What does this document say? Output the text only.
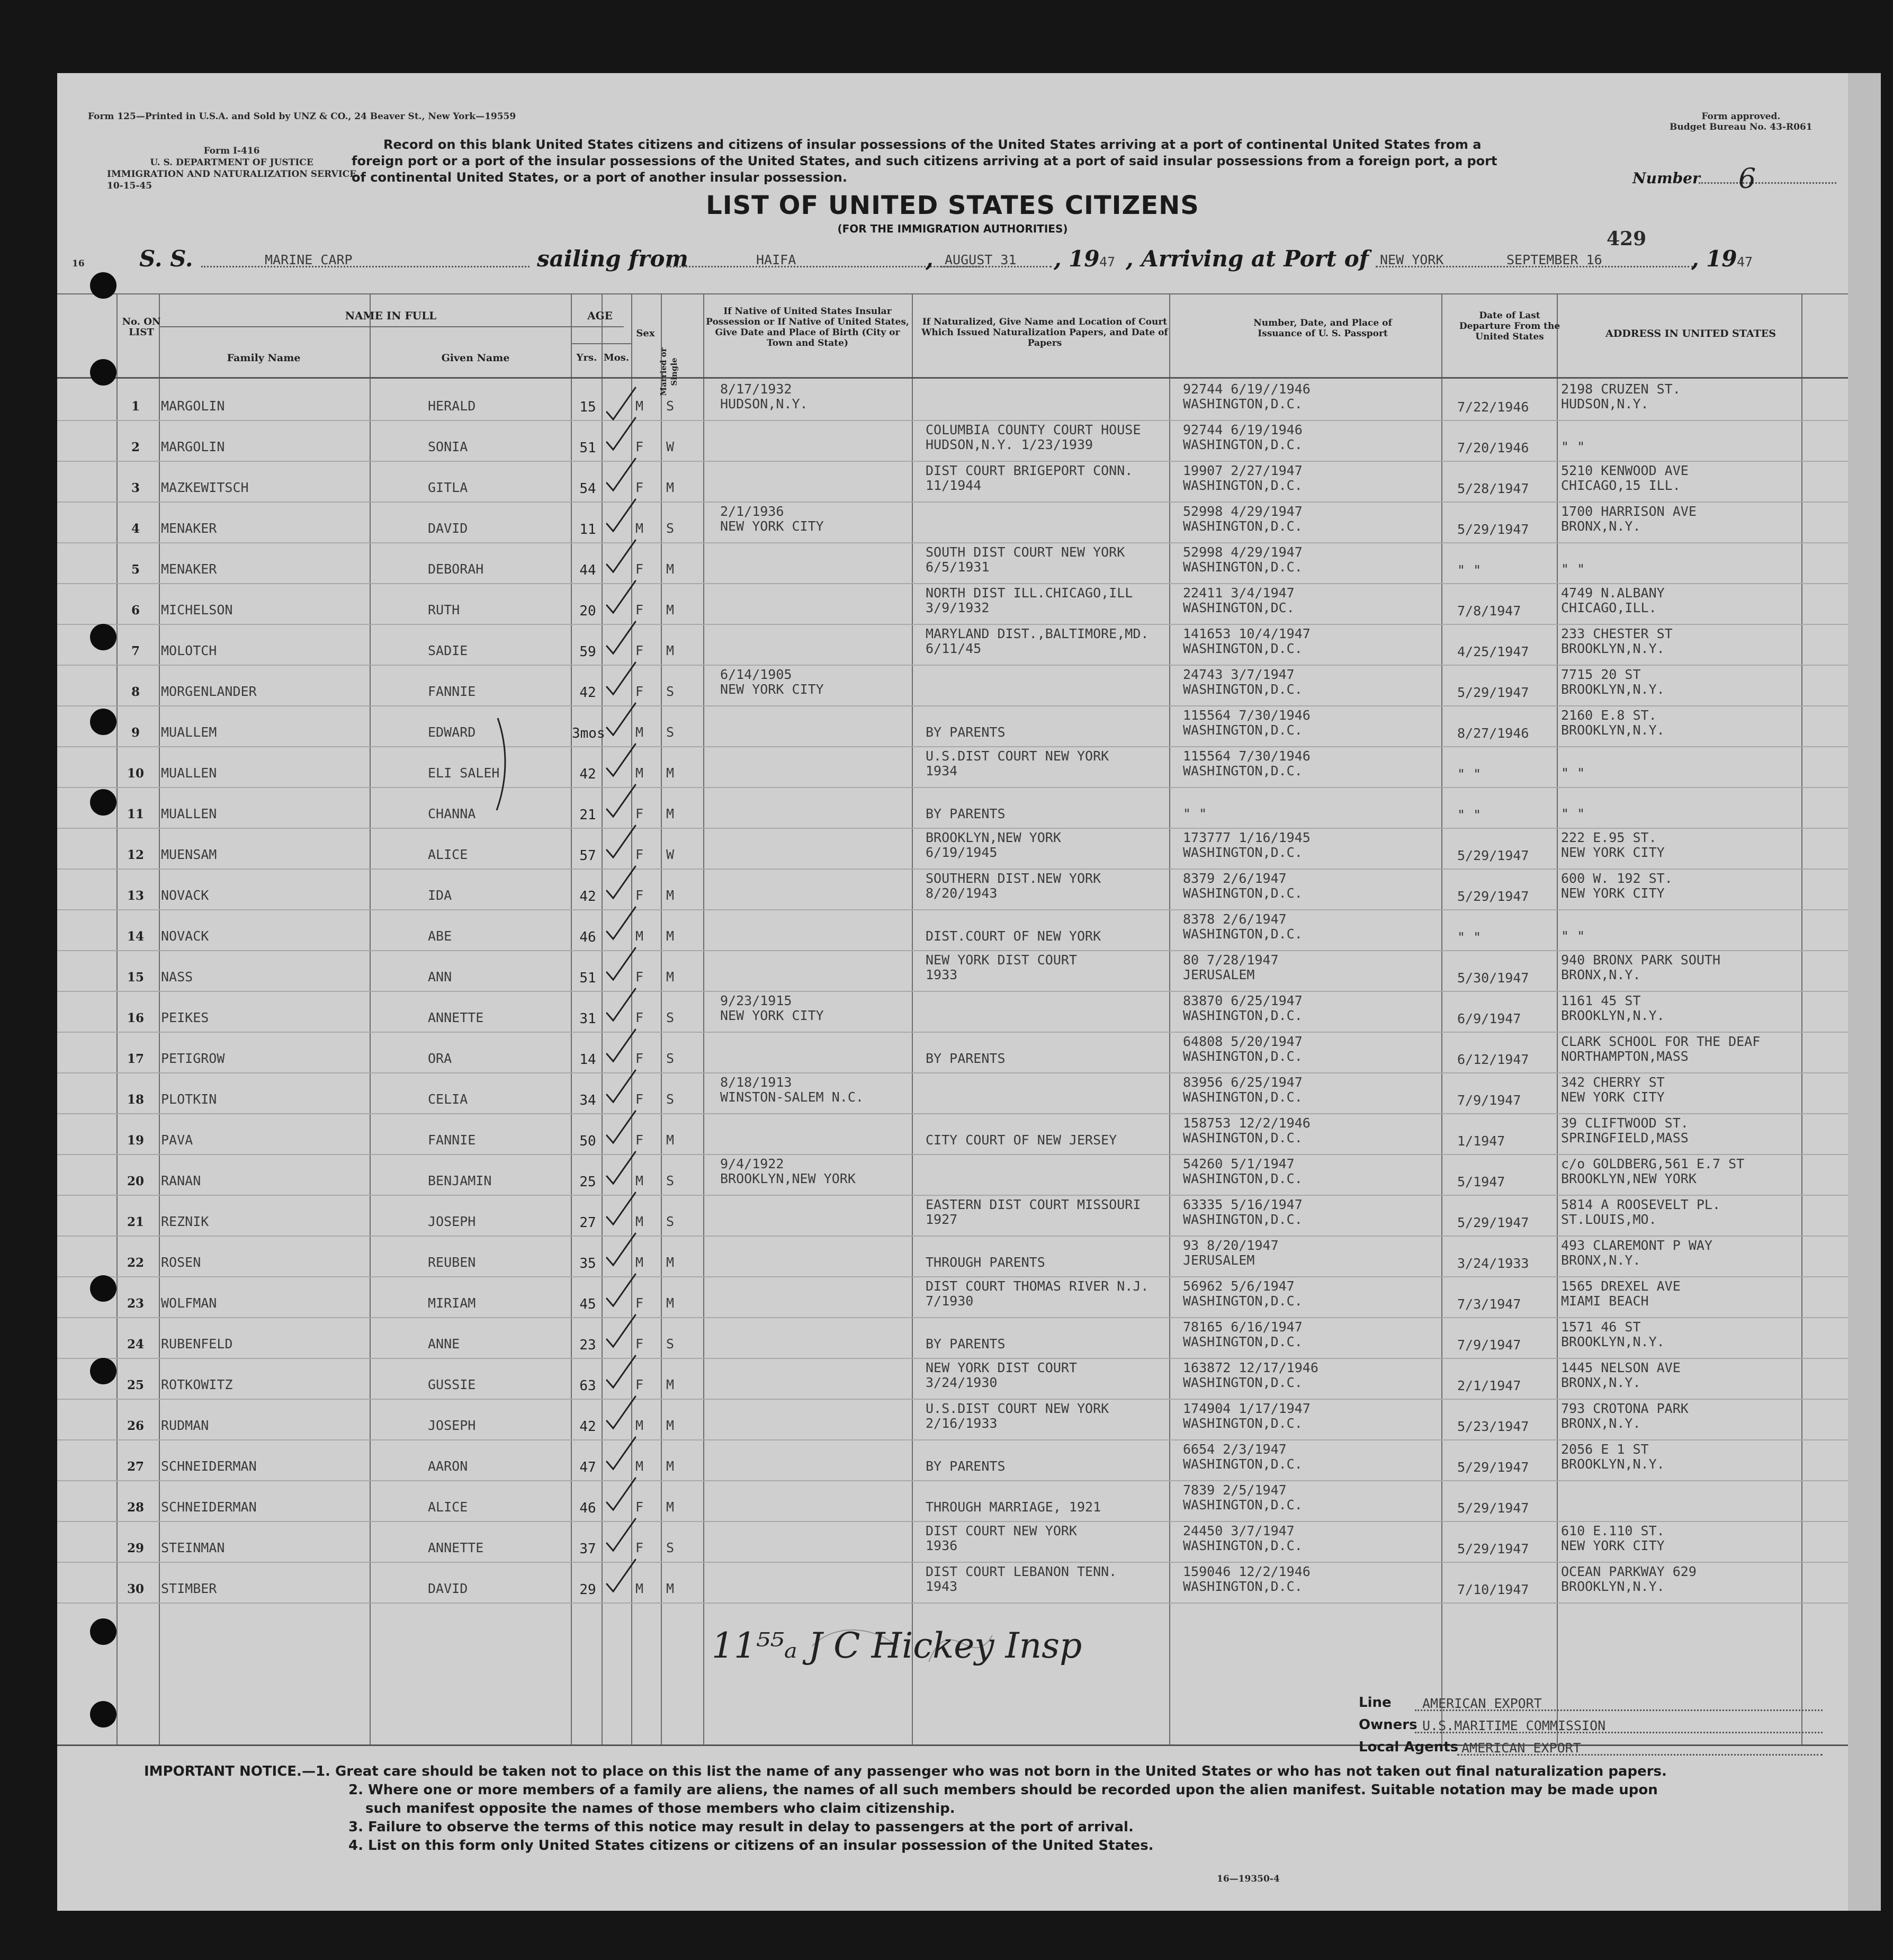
Form 125—Printed in U.S.A. and Sold by UNZ & CO., 24 Beaver St., New York—19559	Form approved.
Budget Bureau No. 43-R061
Form I-416
U. S. DEPARTMENT OF JUSTICE
IMMIGRATION AND NATURALIZATION SERVICE
10-15-45
Record on this blank United States citizens and citizens of insular possessions of the United States arriving at a port of continental United States from a
foreign port or a port of the insular possessions of the United States, and such citizens arriving at a port of said insular possessions from a foreign port, a port
of continental United States, or a port of another insular possession.	Number 6
LIST OF UNITED STATES CITIZENS
(FOR THE IMMIGRATION AUTHORITIES)	429
16 S. S.	MARINE CARP	sailing from	HAIFA	, AUGUST 31 , 19 47 , Arriving at Port of NEW YORK	SEPTEMBER 16	, 19 47
No. ON LIST
NAME IN FULL
Family Name	Given Name
AGE
Yrs. Mos.
Sex
Married or Single
If Native of United States Insular Possession or If Native of United States, Give Date and Place of Birth (City or Town and State)
If Naturalized, Give Name and Location of Court Which Issued Naturalization Papers, and Date of Papers
Number, Date, and Place of Issuance of U. S. Passport
Date of Last Departure From the United States	ADDRESS IN UNITED STATES
1	MARGOLIN	HERALD	15	M S
8/17/1932
HUDSON,N.Y.
92744 6/19//1946
WASHINGTON,D.C.	7/22/1946
2198 CRUZEN ST.
HUDSON,N.Y.
2	MARGOLIN	SONIA	51	F W
COLUMBIA COUNTY COURT HOUSE
HUDSON,N.Y. 1/23/1939
92744 6/19/1946
WASHINGTON,D.C.	7/20/1946 " "
3	MAZKEWITSCH	GITLA	54	F M
DIST COURT BRIGEPORT CONN.
11/1944
19907 2/27/1947
WASHINGTON,D.C.	5/28/1947
5210 KENWOOD AVE
CHICAGO,15 ILL.
4	MENAKER	DAVID	11	M S
2/1/1936
NEW YORK CITY
52998 4/29/1947
WASHINGTON,D.C.	5/29/1947
1700 HARRISON AVE
BRONX,N.Y.
5	MENAKER	DEBORAH	44	F M
SOUTH DIST COURT NEW YORK
6/5/1931
52998 4/29/1947
WASHINGTON,D.C.	" "	" "
6	MICHELSON	RUTH	20	F M
NORTH DIST ILL.CHICAGO,ILL
3/9/1932
22411 3/4/1947
WASHINGTON,DC.	7/8/1947
4749 N.ALBANY
CHICAGO,ILL.
7	MOLOTCH	SADIE	59	F M
MARYLAND DIST.,BALTIMORE,MD.
6/11/45
141653 10/4/1947
WASHINGTON,D.C.	4/25/1947
233 CHESTER ST
BROOKLYN,N.Y.
8	MORGENLANDER	FANNIE	42	F S
6/14/1905
NEW YORK CITY
24743 3/7/1947
WASHINGTON,D.C.	5/29/1947
7715 20 ST
BROOKLYN,N.Y.
9	MUALLEM	EDWARD	3mos M S	BY PARENTS
115564 7/30/1946
WASHINGTON,D.C.	8/27/1946
2160 E.8 ST.
BROOKLYN,N.Y.
10	MUALLEN	ELI SALEH	42	M M
U.S.DIST COURT NEW YORK
1934
115564 7/30/1946
WASHINGTON,D.C.	" "	" "
11	MUALLEN	CHANNA	21	F M	BY PARENTS	" "	" "	" "
12	MUENSAM	ALICE	57	F W
BROOKLYN,NEW YORK
6/19/1945
173777 1/16/1945
WASHINGTON,D.C.	5/29/1947
222 E.95 ST.
NEW YORK CITY
13	NOVACK	IDA	42	F M
SOUTHERN DIST.NEW YORK
8/20/1943
8379 2/6/1947
WASHINGTON,D.C.	5/29/1947
600 W. 192 ST.
NEW YORK CITY
14	NOVACK	ABE	46	M M	DIST.COURT OF NEW YORK
8378 2/6/1947
WASHINGTON,D.C.	" "	" "
15	NASS	ANN	51	F M
NEW YORK DIST COURT
1933
80 7/28/1947
JERUSALEM	5/30/1947
940 BRONX PARK SOUTH
BRONX,N.Y.
16	PEIKES	ANNETTE	31	F S
9/23/1915
NEW YORK CITY
83870 6/25/1947
WASHINGTON,D.C.	6/9/1947
1161 45 ST
BROOKLYN,N.Y.
17	PETIGROW	ORA	14	F S	BY PARENTS
64808 5/20/1947
WASHINGTON,D.C.	6/12/1947
CLARK SCHOOL FOR THE DEAF
NORTHAMPTON,MASS
18	PLOTKIN	CELIA	34	F S
8/18/1913
WINSTON-SALEM N.C.
83956 6/25/1947
WASHINGTON,D.C.	7/9/1947
342 CHERRY ST
NEW YORK CITY
19	PAVA	FANNIE	50	F M	CITY COURT OF NEW JERSEY
158753 12/2/1946
WASHINGTON,D.C.	1/1947
39 CLIFTWOOD ST.
SPRINGFIELD,MASS
20	RANAN	BENJAMIN	25	M S
9/4/1922
BROOKLYN,NEW YORK
54260 5/1/1947
WASHINGTON,D.C.	5/1947
c/o GOLDBERG,561 E.7 ST
BROOKLYN,NEW YORK
21	REZNIK	JOSEPH	27	M S
EASTERN DIST COURT MISSOURI
1927
63335 5/16/1947
WASHINGTON,D.C.	5/29/1947
5814 A ROOSEVELT PL.
ST.LOUIS,MO.
22	ROSEN	REUBEN	35	M M	THROUGH PARENTS
93 8/20/1947
JERUSALEM	3/24/1933
493 CLAREMONT P WAY
BRONX,N.Y.
23	WOLFMAN	MIRIAM	45	F M
DIST COURT THOMAS RIVER N.J.
7/1930
56962 5/6/1947
WASHINGTON,D.C.	7/3/1947
1565 DREXEL AVE
MIAMI BEACH
24	RUBENFELD	ANNE	23	F S	BY PARENTS
78165 6/16/1947
WASHINGTON,D.C.	7/9/1947
1571 46 ST
BROOKLYN,N.Y.
25	ROTKOWITZ	GUSSIE	63	F M
NEW YORK DIST COURT
3/24/1930
163872 12/17/1946
WASHINGTON,D.C.	2/1/1947
1445 NELSON AVE
BRONX,N.Y.
26	RUDMAN	JOSEPH	42	M M
U.S.DIST COURT NEW YORK
2/16/1933
174904 1/17/1947
WASHINGTON,D.C.	5/23/1947
793 CROTONA PARK
BRONX,N.Y.
27	SCHNEIDERMAN	AARON	47	M M	BY PARENTS
6654 2/3/1947
WASHINGTON,D.C.	5/29/1947
2056 E 1 ST
BROOKLYN,N.Y.
28	SCHNEIDERMAN	ALICE	46	F M	THROUGH MARRIAGE, 1921
7839 2/5/1947
WASHINGTON,D.C.	5/29/1947
29	STEINMAN	ANNETTE	37	F S
DIST COURT NEW YORK
1936
24450 3/7/1947
WASHINGTON,D.C.	5/29/1947
610 E.110 ST.
NEW YORK CITY
30	STIMBER	DAVID	29	M M
DIST COURT LEBANON TENN.
1943
159046 12/2/1946
WASHINGTON,D.C.	7/10/1947
OCEAN PARKWAY 629
BROOKLYN,N.Y.
11⁵⁵ₐ J C Hickey Insp
Line AMERICAN EXPORT
Owners U.S.MARITIME COMMISSION
Local Agents AMERICAN EXPORT
IMPORTANT NOTICE.—1. Great care should be taken not to place on this list the name of any passenger who was not born in the United States or who has not taken out final naturalization papers.
2. Where one or more members of a family are aliens, the names of all such members should be recorded upon the alien manifest. Suitable notation may be made upon
such manifest opposite the names of those members who claim citizenship.
3. Failure to observe the terms of this notice may result in delay to passengers at the port of arrival.
4. List on this form only United States citizens or citizens of an insular possession of the United States.
16—19350-4
